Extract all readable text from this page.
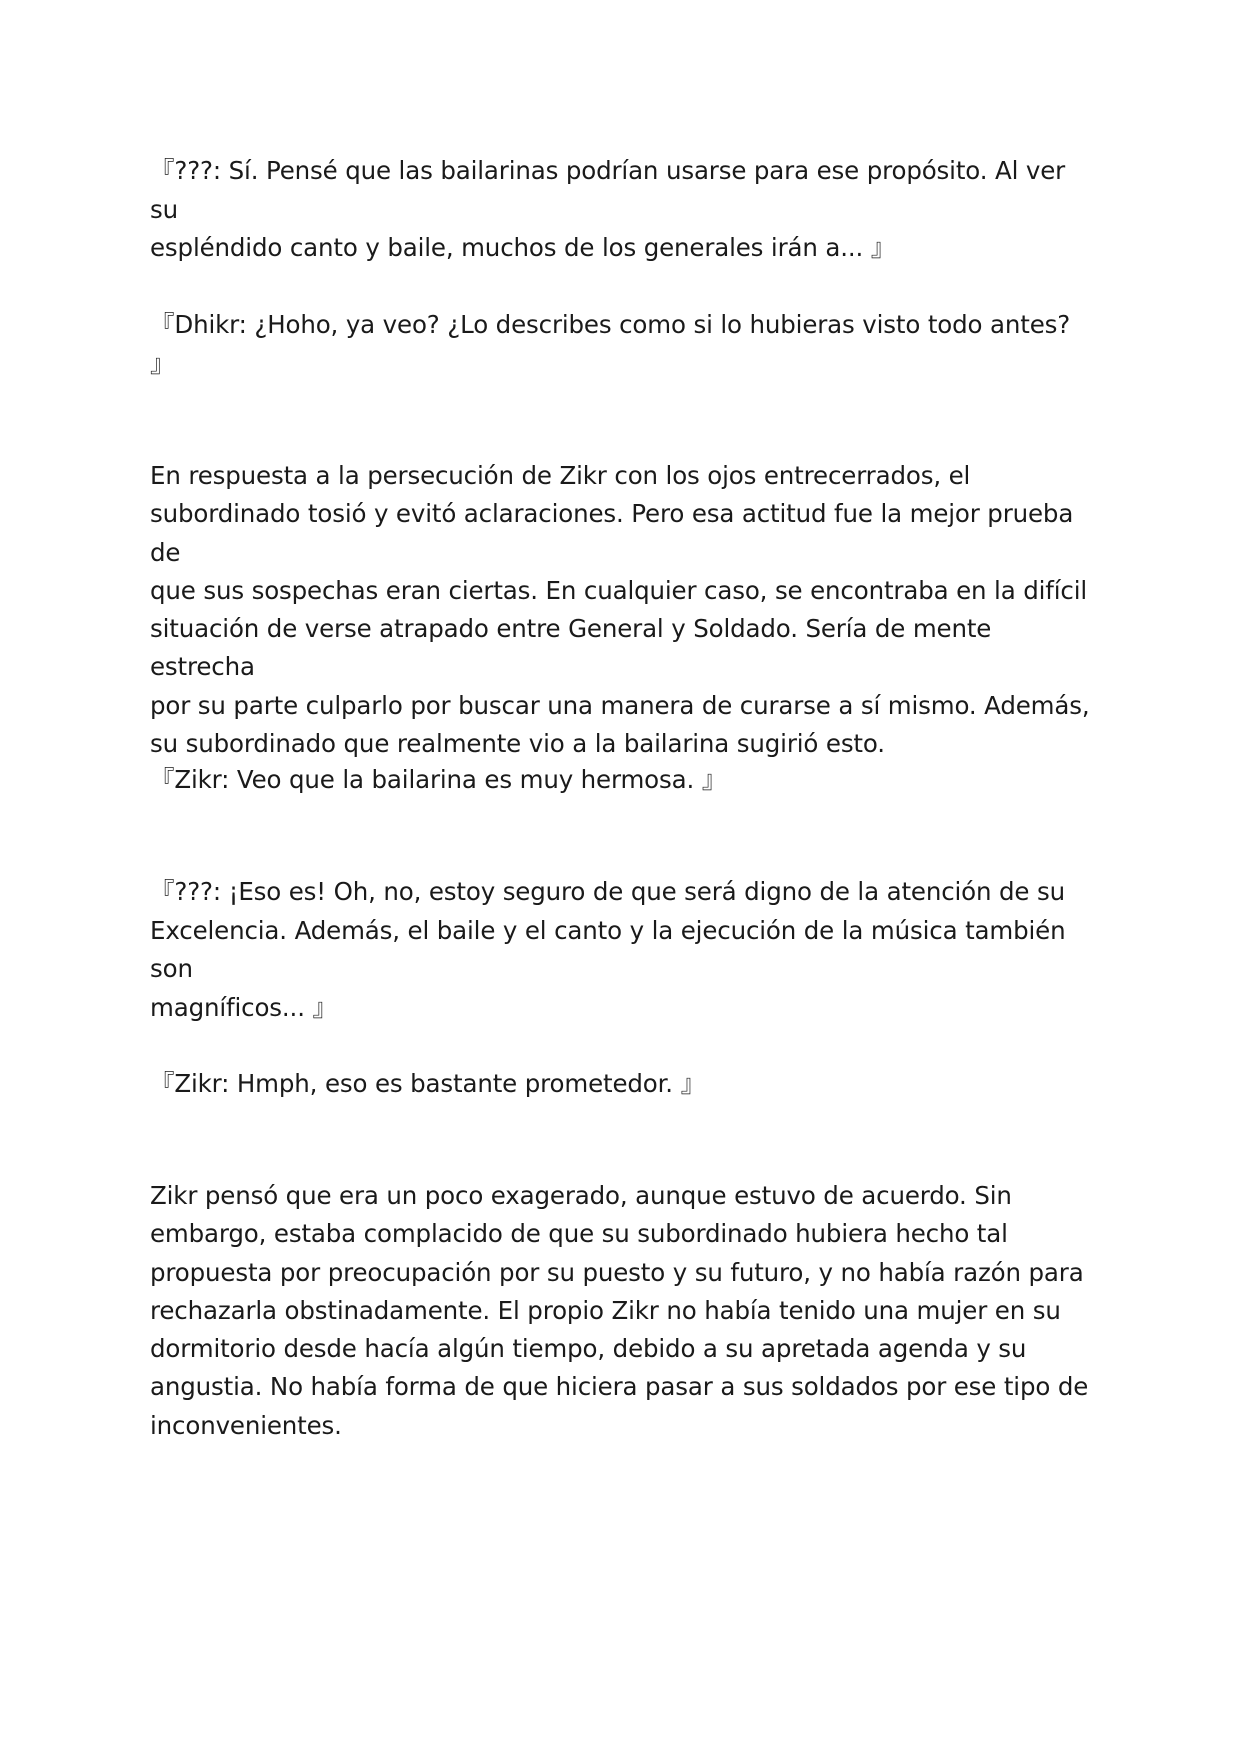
『???: Sí. Pensé que las bailarinas podrían usarse para ese propósito. Al ver su
espléndido canto y baile, muchos de los generales irán a... 』
『Dhikr: ¿Hoho, ya veo? ¿Lo describes como si lo hubieras visto todo antes?
』
En respuesta a la persecución de Zikr con los ojos entrecerrados, el
subordinado tosió y evitó aclaraciones. Pero esa actitud fue la mejor prueba de
que sus sospechas eran ciertas. En cualquier caso, se encontraba en la difícil
situación de verse atrapado entre General y Soldado. Sería de mente estrecha
por su parte culparlo por buscar una manera de curarse a sí mismo. Además,
su subordinado que realmente vio a la bailarina sugirió esto.
『Zikr: Veo que la bailarina es muy hermosa. 』
『???: ¡Eso es! Oh, no, estoy seguro de que será digno de la atención de su
Excelencia. Además, el baile y el canto y la ejecución de la música también son
magníficos... 』
『Zikr: Hmph, eso es bastante prometedor. 』
Zikr pensó que era un poco exagerado, aunque estuvo de acuerdo. Sin
embargo, estaba complacido de que su subordinado hubiera hecho tal
propuesta por preocupación por su puesto y su futuro, y no había razón para
rechazarla obstinadamente. El propio Zikr no había tenido una mujer en su
dormitorio desde hacía algún tiempo, debido a su apretada agenda y su
angustia. No había forma de que hiciera pasar a sus soldados por ese tipo de
inconvenientes.
